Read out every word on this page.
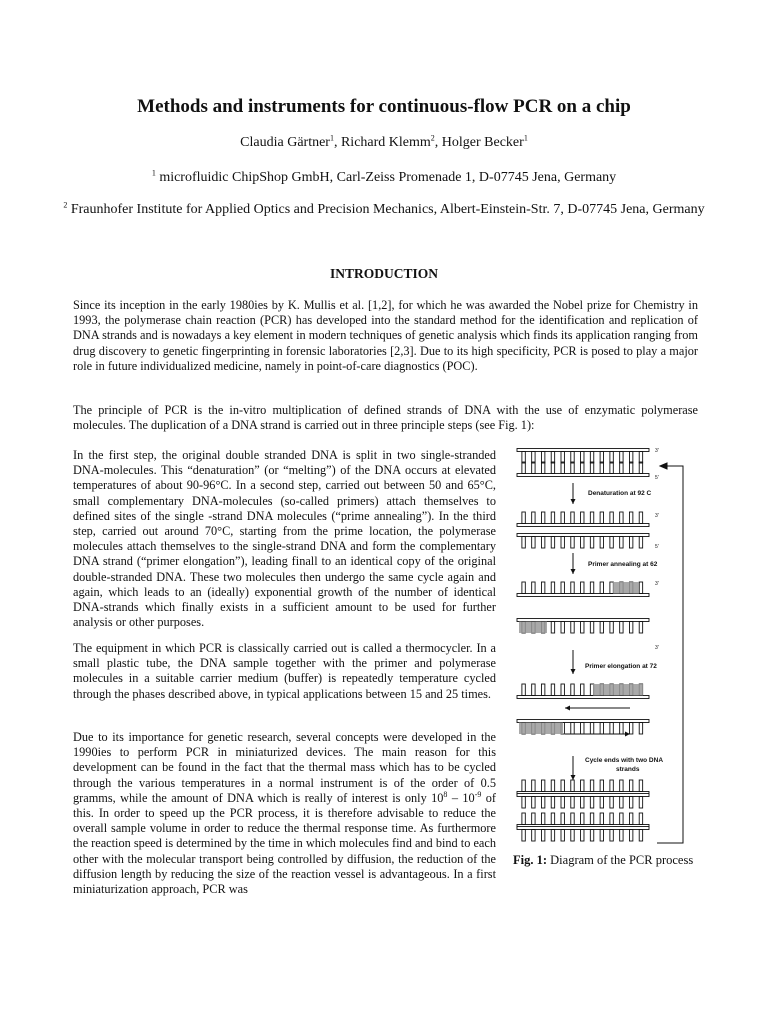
Methods and instruments for continuous-flow PCR on a chip
Claudia Gärtner$^1$, Richard Klemm$^2$, Holger Becker$^1$
$^1$ microfluidic ChipShop GmbH, Carl-Zeiss Promenade 1, D-07745 Jena, Germany
$^2$ Fraunhofer Institute for Applied Optics and Precision Mechanics, Albert-Einstein-Str. 7, D-07745 Jena, Germany
INTRODUCTION
Since its inception in the early 1980ies by K. Mullis et al. [1,2], for which he was awarded the Nobel prize for Chemistry in 1993, the polymerase chain reaction (PCR) has developed into the standard method for the identification and replication of DNA strands and is nowadays a key element in modern techniques of genetic analysis which finds its application ranging from drug discovery to genetic fingerprinting in forensic laboratories [2,3]. Due to its high specificity, PCR is posed to play a major role in future individualized medicine, namely in point-of-care diagnostics (POC).
The principle of PCR is the in-vitro multiplication of defined strands of DNA with the use of enzymatic polymerase molecules. The duplication of a DNA strand is carried out in three principle steps (see Fig. 1):
In the first step, the original double stranded DNA is split in two single-stranded DNA-molecules. This “denaturation” (or “melting”) of the DNA occurs at elevated temperatures of about 90-96°C. In a second step, carried out between 50 and 65°C, small complementary DNA-molecules (so-called primers) attach themselves to defined sites of the single -strand DNA molecules (“prime annealing”). In the third step, carried out around 70°C, starting from the prime location, the polymerase molecules attach themselves to the single-strand DNA and form the complementary DNA strand (“primer elongation”), leading finall to an identical copy of the original double-stranded DNA. These two molecules then undergo the same cycle again and again, which leads to an (ideally) exponential growth of the number of identical DNA-strands which finally exists in a sufficient amount to be used for further analysis or other purposes.
The equipment in which PCR is classically carried out is called a thermocycler. In a small plastic tube, the DNA sample together with the primer and polymerase molecules in a suitable carrier medium (buffer) is repeatedly temperature cycled through the phases described above, in typical applications between 15 and 25 times.
Due to its importance for genetic research, several concepts were developed in the 1990ies to perform PCR in miniaturized devices. The main reason for this development can be found in the fact that the thermal mass which has to be cycled through the various temperatures in a normal instrument is of the order of 0.5 gramms, while the amount of DNA which is really of interest is only $10^8 - 10^{-9}$ of this. In order to speed up the PCR process, it is therefore advisable to reduce the overall sample volume in order to reduce the thermal response time. As furthermore the reaction speed is determined by the time in which molecules find and bind to each other with the molecular transport being controlled by diffusion, the reduction of the diffusion length by reducing the size of the reaction vessel is advantageous. In a first miniaturization approach, PCR was
Denaturation at 92 C
Primer annealing at 62
Primer elongation at 72
Cycle ends with two DNA
strands
3'
5'
3'
5'
3'
3'
Fig. 1: Diagram of the PCR process
